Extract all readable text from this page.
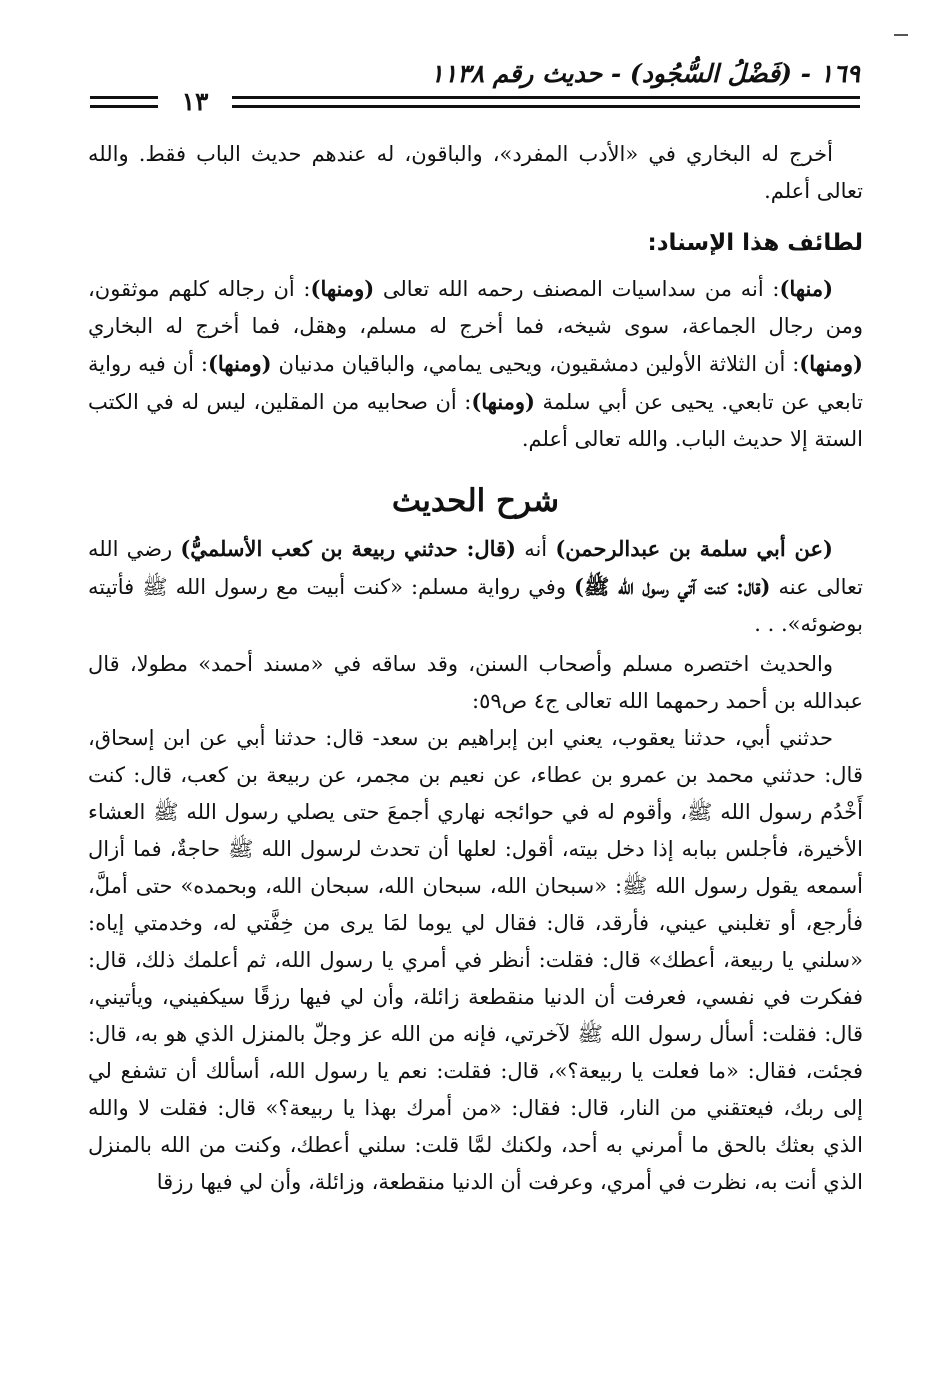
١٦٩ - (فَضْلُ السُّجُود) - حديث رقم ١١٣٨
١٣

أخرج له البخاري في «الأدب المفرد»، والباقون، له عندهم حديث الباب فقط. والله تعالى أعلم.

لطائف هذا الإسناد:

(منها): أنه من سداسيات المصنف رحمه الله تعالى (ومنها): أن رجاله كلهم موثقون، ومن رجال الجماعة، سوى شيخه، فما أخرج له مسلم، وهقل، فما أخرج له البخاري (ومنها): أن الثلاثة الأولين دمشقيون، ويحيى يمامي، والباقيان مدنيان (ومنها): أن فيه رواية تابعي عن تابعي. يحيى عن أبي سلمة (ومنها): أن صحابيه من المقلين، ليس له في الكتب الستة إلا حديث الباب. والله تعالى أعلم.

شرح الحديث

(عن أبي سلمة بن عبدالرحمن) أنه (قال: حدثني ربيعة بن كعب الأسلميُّ) رضي الله تعالى عنه (قال: كنت آتي رسول الله ﷺ) وفي رواية مسلم: «كنت أبيت مع رسول الله ﷺ فأتيته بوضوئه». . .

والحديث اختصره مسلم وأصحاب السنن، وقد ساقه في «مسند أحمد» مطولا، قال عبدالله بن أحمد رحمهما الله تعالى ج٤ ص٥٩:

حدثني أبي، حدثنا يعقوب، يعني ابن إبراهيم بن سعد- قال: حدثنا أبي عن ابن إسحاق، قال: حدثني محمد بن عمرو بن عطاء، عن نعيم بن مجمر، عن ربيعة بن كعب، قال: كنت أَخْدُم رسول الله ﷺ، وأقوم له في حوائجه نهاري أجمعَ حتى يصلي رسول الله ﷺ العشاء الأخيرة، فأجلس ببابه إذا دخل بيته، أقول: لعلها أن تحدث لرسول الله ﷺ حاجةٌ، فما أزال أسمعه يقول رسول الله ﷺ: «سبحان الله، سبحان الله، سبحان الله، وبحمده» حتى أملَّ، فأرجع، أو تغلبني عيني، فأرقد، قال: فقال لي يوما لمَا يرى من خِفَّتي له، وخدمتي إياه: «سلني يا ربيعة، أعطك» قال: فقلت: أنظر في أمري يا رسول الله، ثم أعلمك ذلك، قال: ففكرت في نفسي، فعرفت أن الدنيا منقطعة زائلة، وأن لي فيها رزقًا سيكفيني، ويأتيني، قال: فقلت: أسأل رسول الله ﷺ لآخرتي، فإنه من الله عز وجلّ بالمنزل الذي هو به، قال: فجئت، فقال: «ما فعلت يا ربيعة؟»، قال: فقلت: نعم يا رسول الله، أسألك أن تشفع لي إلى ربك، فيعتقني من النار، قال: فقال: «من أمرك بهذا يا ربيعة؟» قال: فقلت لا والله الذي بعثك بالحق ما أمرني به أحد، ولكنك لمَّا قلت: سلني أعطك، وكنت من الله بالمنزل الذي أنت به، نظرت في أمري، وعرفت أن الدنيا منقطعة، وزائلة، وأن لي فيها رزقا
